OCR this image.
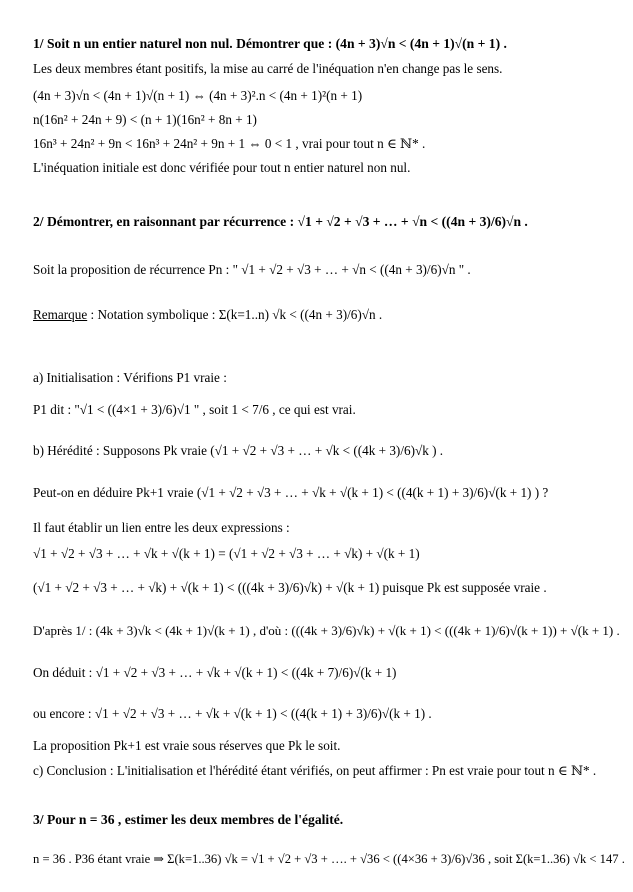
1/ Soit n un entier naturel non nul. Démontrer que : (4n + 3)√n < (4n + 1)√(n + 1) .
Les deux membres étant positifs, la mise au carré de l'inéquation n'en change pas le sens.
(4n + 3)√n < (4n + 1)√(n + 1) ⇔ (4n + 3)².n < (4n + 1)²(n + 1)
n(16n² + 24n + 9) < (n + 1)(16n² + 8n + 1)
16n³ + 24n² + 9n < 16n³ + 24n² + 9n + 1 ⇔ 0 < 1 , vrai pour tout n ∈ ℕ* .
L'inéquation initiale est donc vérifiée pour tout n entier naturel non nul.
2/ Démontrer, en raisonnant par récurrence : √1 + √2 + √3 + … + √n < ((4n + 3)/6)√n .
Soit la proposition de récurrence Pn : " √1 + √2 + √3 + … + √n < ((4n + 3)/6)√n " .
Remarque : Notation symbolique : Σ(k=1..n) √k < ((4n + 3)/6)√n .
a) Initialisation : Vérifions P1 vraie :
P1 dit : "√1 < ((4×1 + 3)/6)√1 " , soit 1 < 7/6 , ce qui est vrai.
b) Hérédité : Supposons Pk vraie (√1 + √2 + √3 + … + √k < ((4k + 3)/6)√k ) .
Peut-on en déduire Pk+1 vraie (√1 + √2 + √3 + … + √k + √(k + 1) < ((4(k + 1) + 3)/6)√(k + 1) ) ?
Il faut établir un lien entre les deux expressions :
√1 + √2 + √3 + … + √k + √(k + 1) = (√1 + √2 + √3 + … + √k) + √(k + 1)
(√1 + √2 + √3 + … + √k) + √(k + 1) < (((4k + 3)/6)√k) + √(k + 1) puisque Pk est supposée vraie .
D'après 1/ : (4k + 3)√k < (4k + 1)√(k + 1) , d'où : (((4k + 3)/6)√k) + √(k + 1) < (((4k + 1)/6)√(k + 1)) + √(k + 1) .
On déduit : √1 + √2 + √3 + … + √k + √(k + 1) < ((4k + 7)/6)√(k + 1)
ou encore : √1 + √2 + √3 + … + √k + √(k + 1) < ((4(k + 1) + 3)/6)√(k + 1) .
La proposition Pk+1 est vraie sous réserves que Pk le soit.
c) Conclusion : L'initialisation et l'hérédité étant vérifiés, on peut affirmer : Pn est vraie pour tout n ∈ ℕ* .
3/ Pour n = 36 , estimer les deux membres de l'égalité.
n = 36 . P36 étant vraie ⇒ Σ(k=1..36) √k = √1 + √2 + √3 + …. + √36 < ((4×36 + 3)/6)√36 , soit Σ(k=1..36) √k < 147 .
